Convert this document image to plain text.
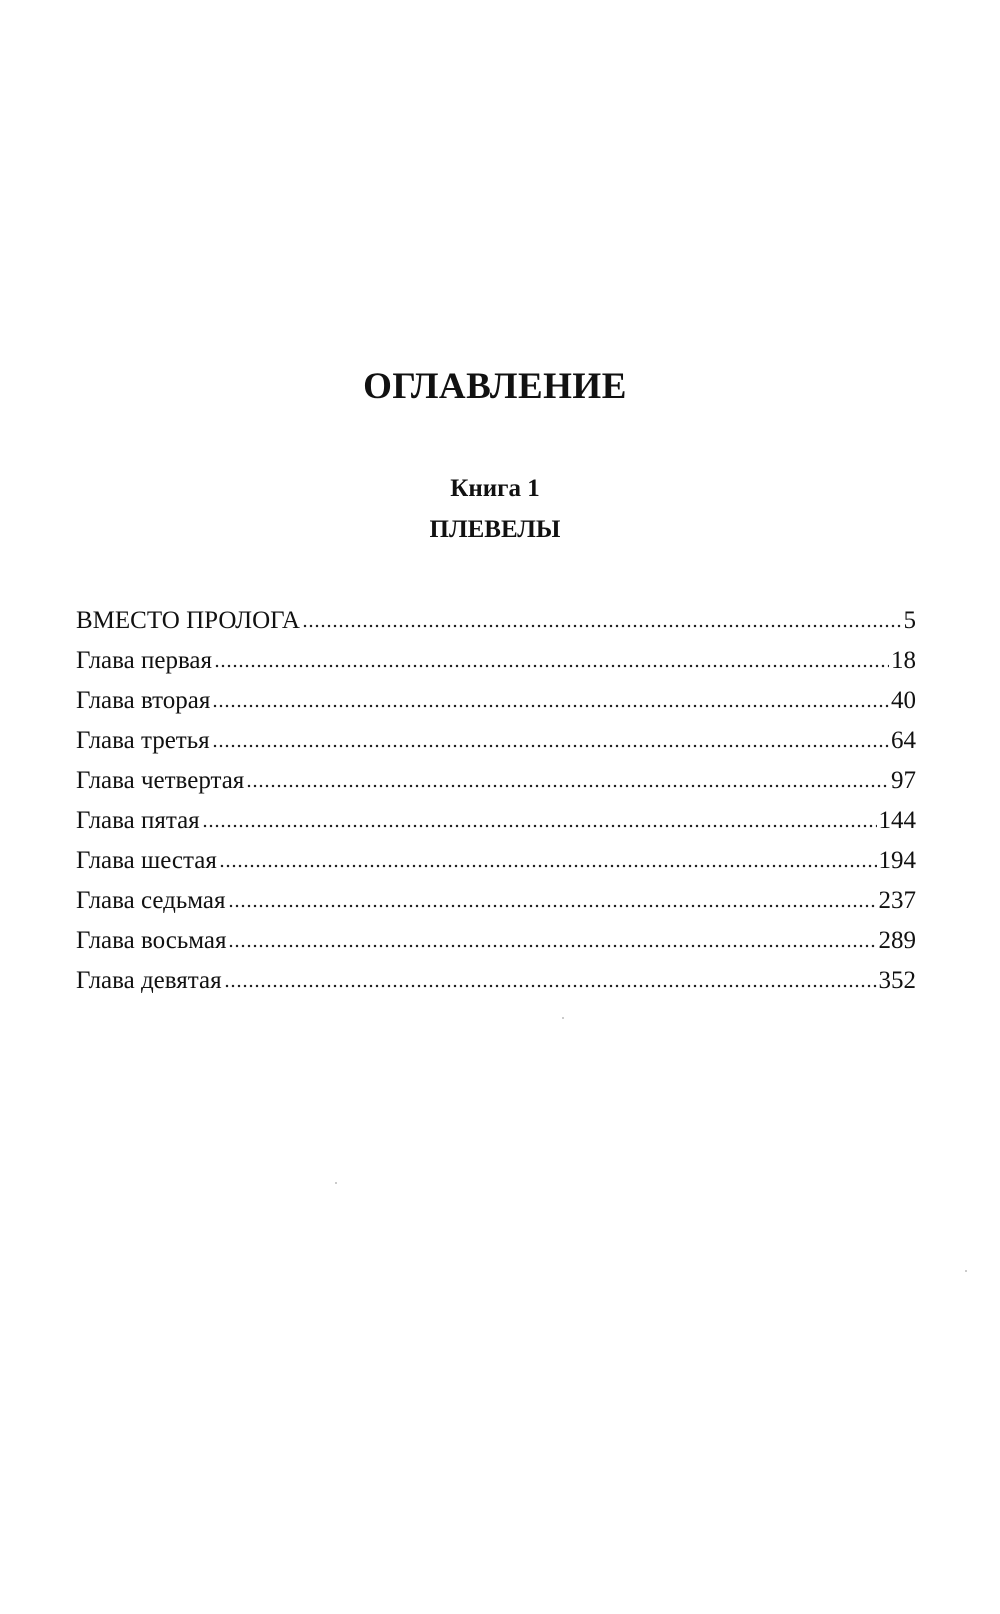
ОГЛАВЛЕНИЕ
Книга 1
ПЛЕВЕЛЫ
ВМЕСТО ПРОЛОГА	5
Глава первая	18
Глава вторая	40
Глава третья	64
Глава четвертая	97
Глава пятая	144
Глава шестая	194
Глава седьмая	237
Глава восьмая	289
Глава девятая	352
